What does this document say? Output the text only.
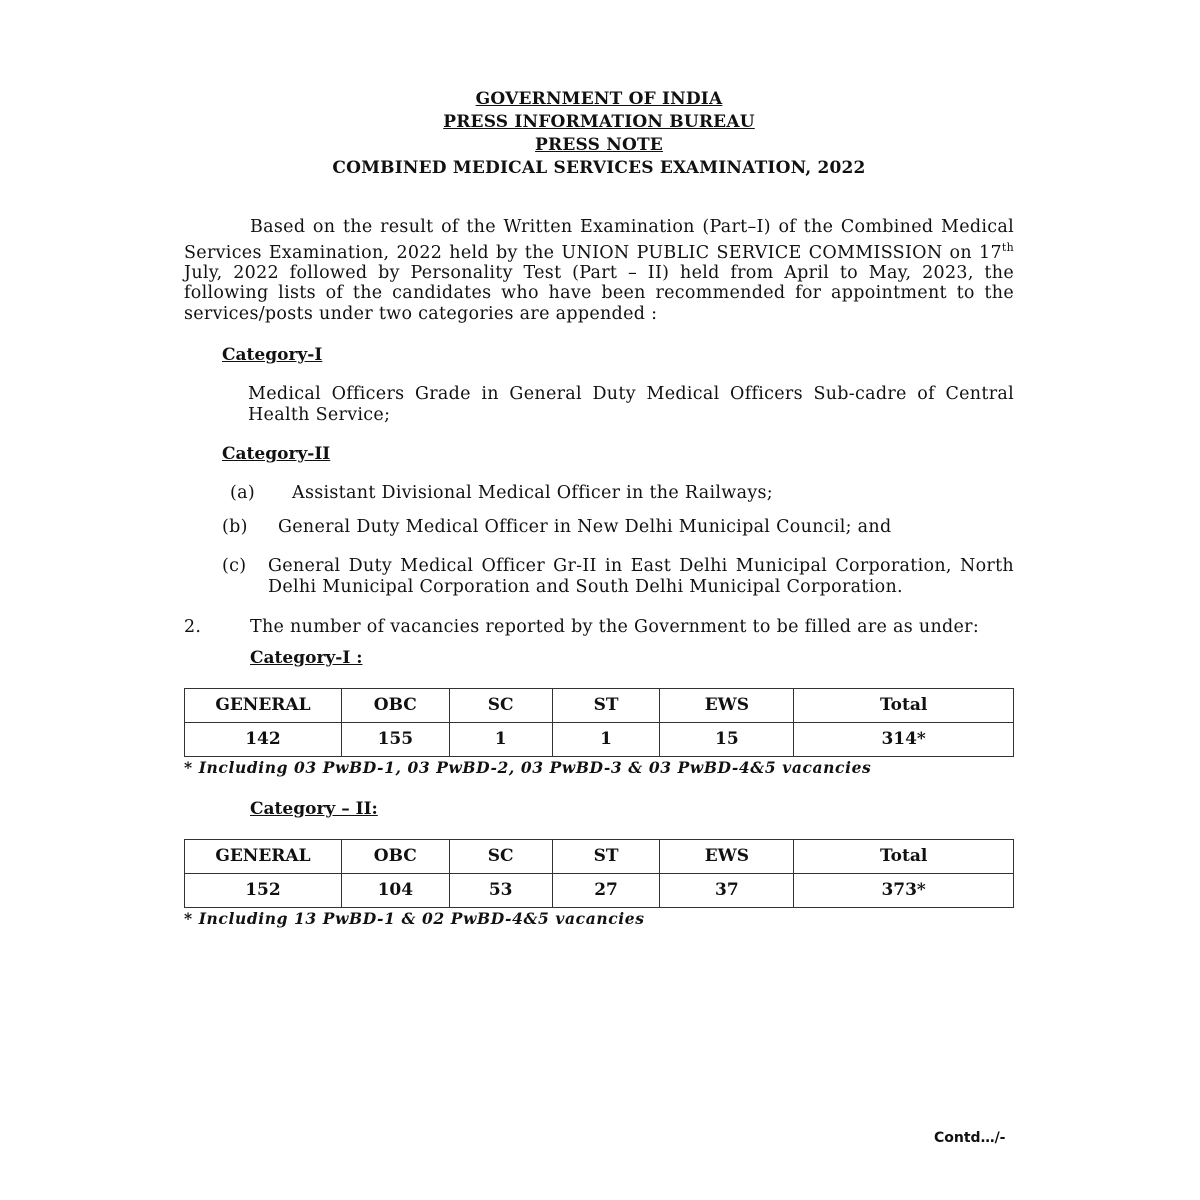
GOVERNMENT OF INDIA
PRESS INFORMATION BUREAU
PRESS NOTE
COMBINED MEDICAL SERVICES EXAMINATION, 2022
Based on the result of the Written Examination (Part–I) of the Combined Medical Services Examination, 2022 held by the UNION PUBLIC SERVICE COMMISSION on 17th July, 2022 followed by Personality Test (Part – II) held from April to May, 2023, the following lists of the candidates who have been recommended for appointment to the services/posts under two categories are appended :
Category-I
Medical Officers Grade in General Duty Medical Officers Sub-cadre of Central Health Service;
Category-II
(a)	Assistant Divisional Medical Officer in the Railways;
(b)	General Duty Medical Officer in New Delhi Municipal Council; and
(c)	General Duty Medical Officer Gr-II in East Delhi Municipal Corporation, North Delhi Municipal Corporation and South Delhi Municipal Corporation.
2.	The number of vacancies reported by the Government to be filled are as under:
Category-I :
GENERAL	OBC	SC	ST	EWS	Total
142	155	1	1	15	314*
* Including 03 PwBD-1, 03 PwBD-2, 03 PwBD-3 & 03 PwBD-4&5 vacancies
Category – II:
GENERAL	OBC	SC	ST	EWS	Total
152	104	53	27	37	373*
* Including 13 PwBD-1 & 02 PwBD-4&5 vacancies
Contd…/-
